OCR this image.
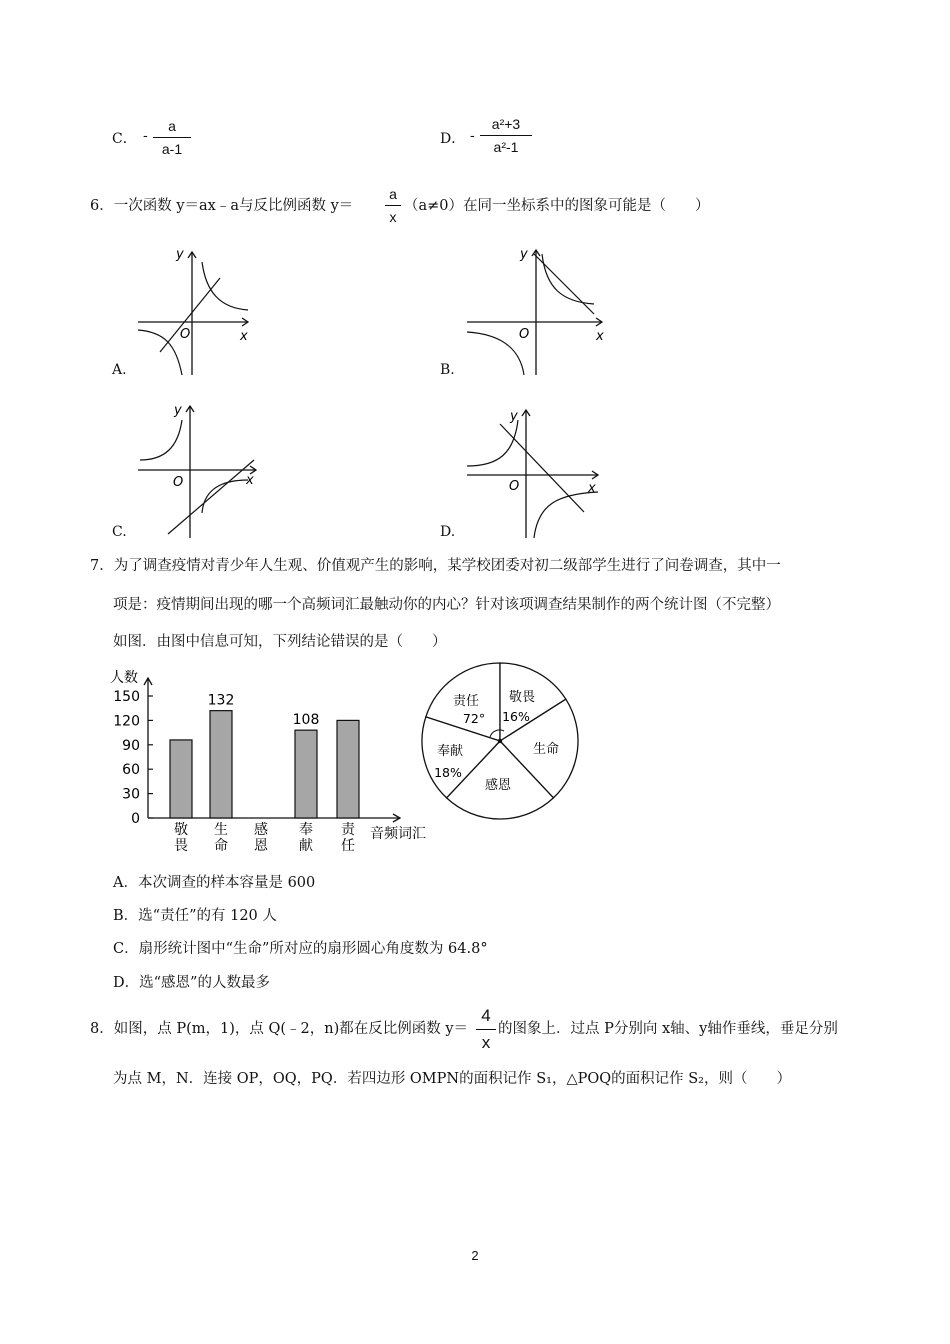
C． -
a
a-1
D． -
a²+3
a²-1
6．一次函数 y＝ax﹣a与反比例函数 y＝
a
x
（a≠0）在同一坐标系中的图象可能是（　　）
y
x
O
A.
y
x
O
B.
y
x
O
C.
y
x
O
D.
7．为了调查疫情对青少年人生观、价值观产生的影响，某学校团委对初二级部学生进行了问卷调查，其中一
项是：疫情期间出现的哪一个高频词汇最触动你的内心？针对该项调查结果制作的两个统计图（不完整）
如图．由图中信息可知，下列结论错误的是（　　）
人数
0
30
60
90
120
150	132
108
敬
畏
生
命
感
恩
奉
献
责
任
音频词汇
责任
72°
敬畏
16%
生命
感恩
奉献
18%
A．本次调查的样本容量是 600
B．选“责任”的有 120 人
C．扇形统计图中“生命”所对应的扇形圆心角度数为 64.8°
D．选“感恩”的人数最多
8．如图，点 P(m，1)，点 Q(﹣2，n)都在反比例函数 y＝
4
x
的图象上．过点 P分别向 x轴、y轴作垂线，垂足分别
为点 M，N．连接 OP，OQ，PQ．若四边形 OMPN的面积记作 S₁，△POQ的面积记作 S₂，则（　　）
2
